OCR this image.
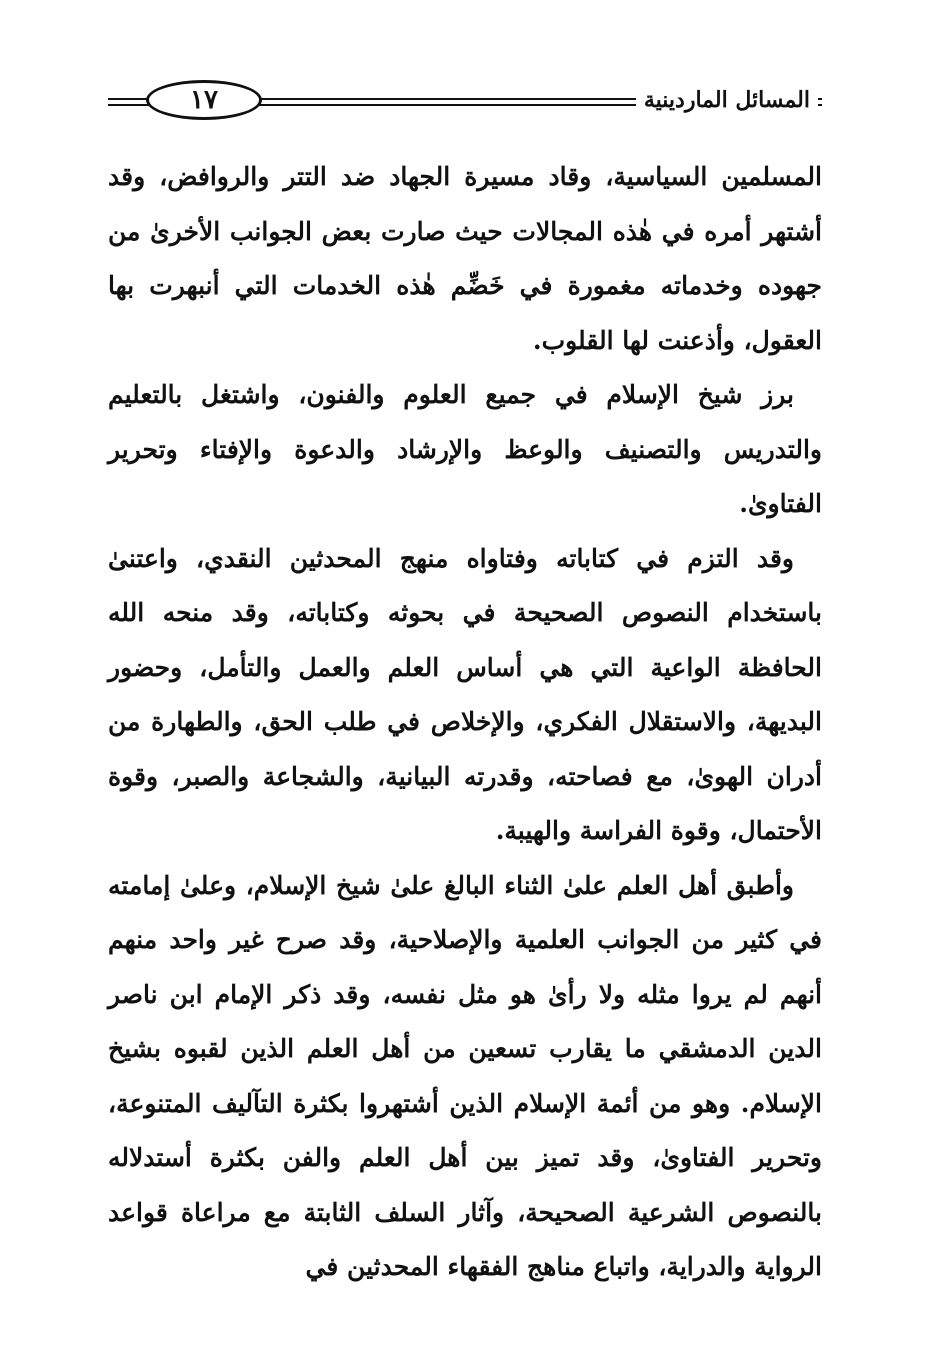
المسائل الماردينية
١٧

المسلمين السياسية، وقاد مسيرة الجهاد ضد التتر والروافض، وقد أشتهر أمره في هٰذه المجالات حيث صارت بعض الجوانب الأخرىٰ من جهوده وخدماته مغمورة في خَضِّم هٰذه الخدمات التي أنبهرت بها العقول، وأذعنت لها القلوب.

برز شيخ الإسلام في جميع العلوم والفنون، واشتغل بالتعليم والتدريس والتصنيف والوعظ والإرشاد والدعوة والإفتاء وتحرير الفتاوىٰ.

وقد التزم في كتاباته وفتاواه منهج المحدثين النقدي، واعتنىٰ باستخدام النصوص الصحيحة في بحوثه وكتاباته، وقد منحه الله الحافظة الواعية التي هي أساس العلم والعمل والتأمل، وحضور البديهة، والاستقلال الفكري، والإخلاص في طلب الحق، والطهارة من أدران الهوىٰ، مع فصاحته، وقدرته البيانية، والشجاعة والصبر، وقوة الأحتمال، وقوة الفراسة والهيبة.

وأطبق أهل العلم علىٰ الثناء البالغ علىٰ شيخ الإسلام، وعلىٰ إمامته في كثير من الجوانب العلمية والإصلاحية، وقد صرح غير واحد منهم أنهم لم يروا مثله ولا رأىٰ هو مثل نفسه، وقد ذكر الإمام ابن ناصر الدين الدمشقي ما يقارب تسعين من أهل العلم الذين لقبوه بشيخ الإسلام. وهو من أئمة الإسلام الذين أشتهروا بكثرة التآليف المتنوعة، وتحرير الفتاوىٰ، وقد تميز بين أهل العلم والفن بكثرة أستدلاله بالنصوص الشرعية الصحيحة، وآثار السلف الثابتة مع مراعاة قواعد الرواية والدراية، واتباع مناهج الفقهاء المحدثين في
